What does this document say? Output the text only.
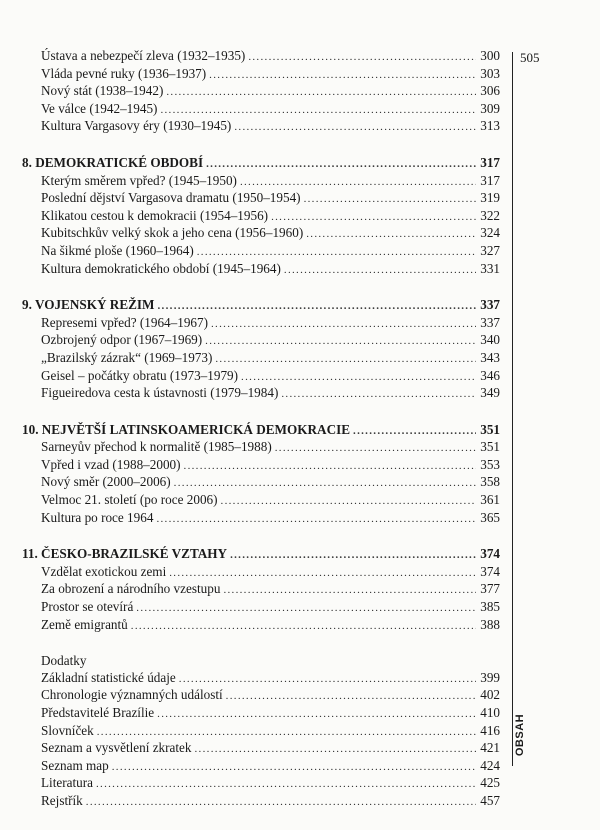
Ústava a nebezpečí zleva (1932–1935) .....	300
Vláda pevné ruky (1936–1937) .....	303
Nový stát (1938–1942) .....	306
Ve válce (1942–1945) .....	309
Kultura Vargasovy éry (1930–1945) .....	313
8. DEMOKRATICKÉ OBDOBÍ .....	317
Kterým směrem vpřed? (1945–1950) .....	317
Poslední dějství Vargasova dramatu (1950–1954) .....	319
Klikatou cestou k demokracii (1954–1956) .....	322
Kubitschkův velký skok a jeho cena (1956–1960) .....	324
Na šikmé ploše (1960–1964) .....	327
Kultura demokratického období (1945–1964) .....	331
9. VOJENSKÝ REŽIM .....	337
Represemi vpřed? (1964–1967) .....	337
Ozbrojený odpor (1967–1969) .....	340
„Brazilský zázrak“ (1969–1973) .....	343
Geisel – počátky obratu (1973–1979) .....	346
Figueiredova cesta k ústavnosti (1979–1984) .....	349
10. NEJVĚTŠÍ LATINSKOAMERICKÁ DEMOKRACIE .....	351
Sarneyův přechod k normalitě (1985–1988) .....	351
Vpřed i vzad (1988–2000) .....	353
Nový směr (2000–2006) .....	358
Velmoc 21. století (po roce 2006) .....	361
Kultura po roce 1964 .....	365
11. ČESKO-BRAZILSKÉ VZTAHY .....	374
Vzdělat exotickou zemi .....	374
Za obrození a národního vzestupu .....	377
Prostor se otevírá .....	385
Země emigrantů .....	388
Dodatky
Základní statistické údaje .....	399
Chronologie významných událostí .....	402
Představitelé Brazílie .....	410
Slovníček .....	416
Seznam a vysvětlení zkratek .....	421
Seznam map .....	424
Literatura .....	425
Rejstřík .....	457
505
OBSAH
